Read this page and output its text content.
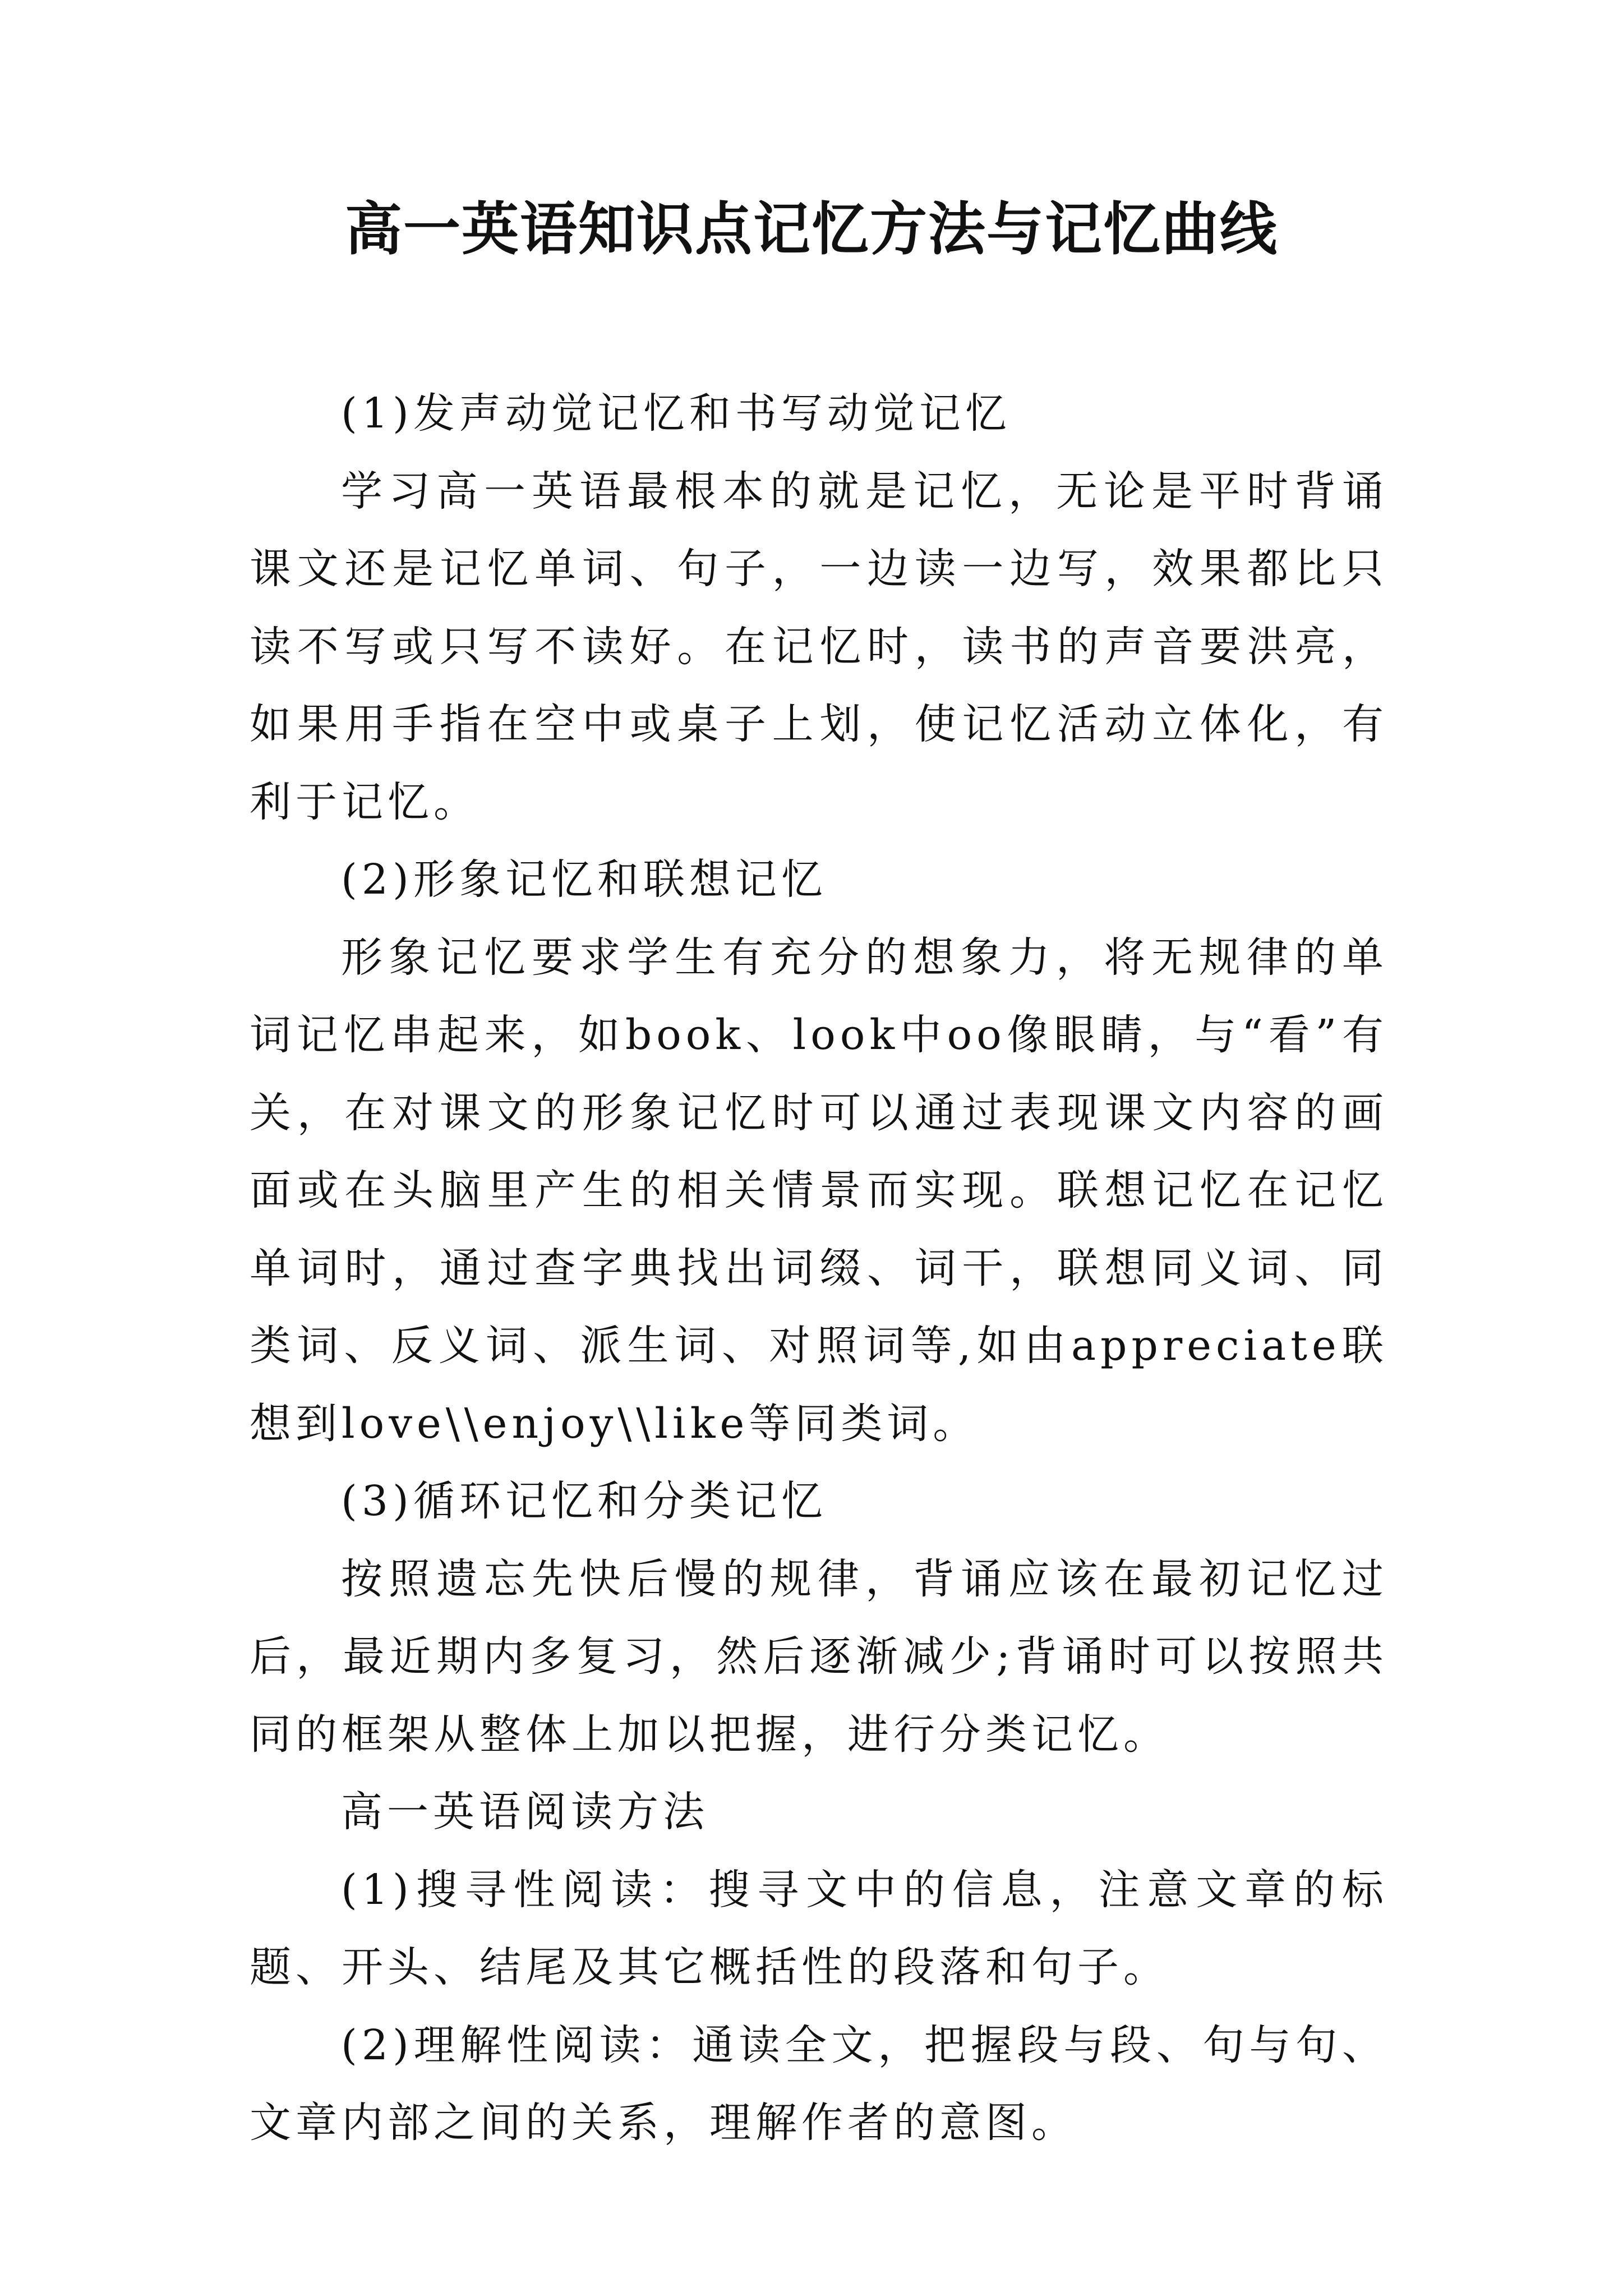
高一英语知识点记忆方法与记忆曲线

(1)发声动觉记忆和书写动觉记忆

学习高一英语最根本的就是记忆，无论是平时背诵课文还是记忆单词、句子，一边读一边写，效果都比只读不写或只写不读好。在记忆时，读书的声音要洪亮，如果用手指在空中或桌子上划，使记忆活动立体化，有利于记忆。

(2)形象记忆和联想记忆

形象记忆要求学生有充分的想象力，将无规律的单词记忆串起来，如book、look中oo像眼睛，与“看”有关，在对课文的形象记忆时可以通过表现课文内容的画面或在头脑里产生的相关情景而实现。联想记忆在记忆单词时，通过查字典找出词缀、词干，联想同义词、同类词、反义词、派生词、对照词等,如由appreciate联想到love\\enjoy\\like等同类词。

(3)循环记忆和分类记忆

按照遗忘先快后慢的规律，背诵应该在最初记忆过后，最近期内多复习，然后逐渐减少;背诵时可以按照共同的框架从整体上加以把握，进行分类记忆。

高一英语阅读方法

(1)搜寻性阅读：搜寻文中的信息，注意文章的标题、开头、结尾及其它概括性的段落和句子。

(2)理解性阅读：通读全文，把握段与段、句与句、文章内部之间的关系，理解作者的意图。
